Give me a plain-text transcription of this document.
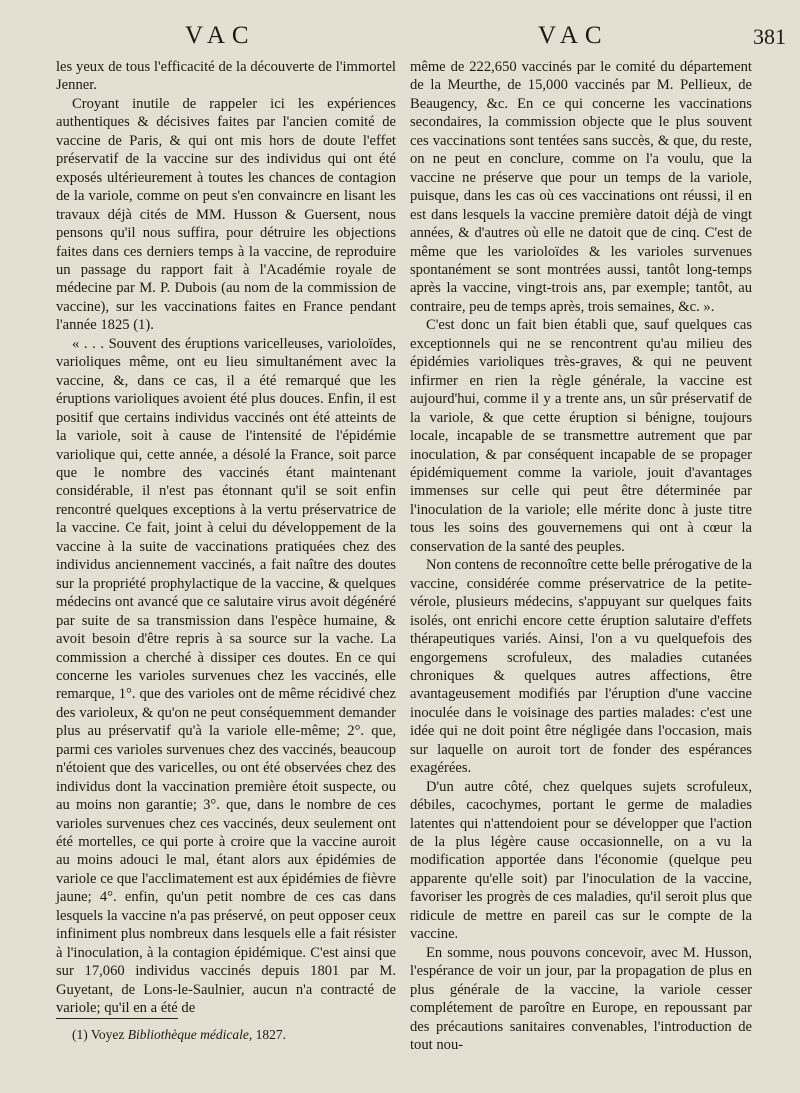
VAC	VAC	381

les yeux de tous l'efficacité de la découverte de l'immortel Jenner.

Croyant inutile de rappeler ici les expériences authentiques & décisives faites par l'ancien comité de vaccine de Paris, & qui ont mis hors de doute l'effet préservatif de la vaccine sur des individus qui ont été exposés ultérieurement à toutes les chances de contagion de la variole, comme on peut s'en convaincre en lisant les travaux déjà cités de MM. Husson & Guersent, nous pensons qu'il nous suffira, pour détruire les objections faites dans ces derniers temps à la vaccine, de reproduire un passage du rapport fait à l'Académie royale de médecine par M. P. Dubois (au nom de la commission de vaccine), sur les vaccinations faites en France pendant l'année 1825 (1).

« . . . Souvent des éruptions varicelleuses, varioloïdes, varioliques même, ont eu lieu simultanément avec la vaccine, &, dans ce cas, il a été remarqué que les éruptions varioliques avoient été plus douces. Enfin, il est positif que certains individus vaccinés ont été atteints de la variole, soit à cause de l'intensité de l'épidémie variolique qui, cette année, a désolé la France, soit parce que le nombre des vaccinés étant maintenant considérable, il n'est pas étonnant qu'il se soit enfin rencontré quelques exceptions à la vertu préservatrice de la vaccine. Ce fait, joint à celui du développement de la vaccine à la suite de vaccinations pratiquées chez des individus anciennement vaccinés, a fait naître des doutes sur la propriété prophylactique de la vaccine, & quelques médecins ont avancé que ce salutaire virus avoit dégénéré par suite de sa transmission dans l'espèce humaine, & avoit besoin d'être repris à sa source sur la vache. La commission a cherché à dissiper ces doutes. En ce qui concerne les varioles survenues chez les vaccinés, elle remarque, 1°. que des varioles ont de même récidivé chez des varioleux, & qu'on ne peut conséquemment demander plus au préservatif qu'à la variole elle-même; 2°. que, parmi ces varioles survenues chez des vaccinés, beaucoup n'étoient que des varicelles, ou ont été observées chez des individus dont la vaccination première étoit suspecte, ou au moins non garantie; 3°. que, dans le nombre de ces varioles survenues chez ces vaccinés, deux seulement ont été mortelles, ce qui porte à croire que la vaccine auroit au moins adouci le mal, étant alors aux épidémies de variole ce que l'acclimatement est aux épidémies de fièvre jaune; 4°. enfin, qu'un petit nombre de ces cas dans lesquels la vaccine n'a pas préservé, on peut opposer ceux infiniment plus nombreux dans lesquels elle a fait résister à l'inoculation, à la contagion épidémique. C'est ainsi que sur 17,060 individus vaccinés depuis 1801 par M. Guyetant, de Lons-le-Saulnier, aucun n'a contracté de variole; qu'il en a été de

même de 222,650 vaccinés par le comité du département de la Meurthe, de 15,000 vaccinés par M. Pellieux, de Beaugency, &c. En ce qui concerne les vaccinations secondaires, la commission objecte que le plus souvent ces vaccinations sont tentées sans succès, & que, du reste, on ne peut en conclure, comme on l'a voulu, que la vaccine ne préserve que pour un temps de la variole, puisque, dans les cas où ces vaccinations ont réussi, il en est dans lesquels la vaccine première datoit déjà de vingt années, & d'autres où elle ne datoit que de cinq. C'est de même que les varioloïdes & les varioles survenues spontanément se sont montrées aussi, tantôt long-temps après la vaccine, vingt-trois ans, par exemple; tantôt, au contraire, peu de temps après, trois semaines, &c. ».

C'est donc un fait bien établi que, sauf quelques cas exceptionnels qui ne se rencontrent qu'au milieu des épidémies varioliques très-graves, & qui ne peuvent infirmer en rien la règle générale, la vaccine est aujourd'hui, comme il y a trente ans, un sûr préservatif de la variole, & que cette éruption si bénigne, toujours locale, incapable de se transmettre autrement que par inoculation, & par conséquent incapable de se propager épidémiquement comme la variole, jouit d'avantages immenses sur celle qui peut être déterminée par l'inoculation de la variole; elle mérite donc à juste titre tous les soins des gouvernemens qui ont à cœur la conservation de la santé des peuples.

Non contens de reconnoître cette belle prérogative de la vaccine, considérée comme préservatrice de la petite-vérole, plusieurs médecins, s'appuyant sur quelques faits isolés, ont enrichi encore cette éruption salutaire d'effets thérapeutiques variés. Ainsi, l'on a vu quelquefois des engorgemens scrofuleux, des maladies cutanées chroniques & quelques autres affections, être avantageusement modifiés par l'éruption d'une vaccine inoculée dans le voisinage des parties malades: c'est une idée qui ne doit point être négligée dans l'occasion, mais sur laquelle on auroit tort de fonder des espérances exagérées.

D'un autre côté, chez quelques sujets scrofuleux, débiles, cacochymes, portant le germe de maladies latentes qui n'attendoient pour se développer que l'action de la plus légère cause occasionnelle, on a vu la modification apportée dans l'économie (quelque peu apparente qu'elle soit) par l'inoculation de la vaccine, favoriser les progrès de ces maladies, qu'il seroit plus que ridicule de mettre en pareil cas sur le compte de la vaccine.

En somme, nous pouvons concevoir, avec M. Husson, l'espérance de voir un jour, par la propagation de plus en plus générale de la vaccine, la variole cesser complétement de paroître en Europe, en repoussant par des précautions sanitaires convenables, l'introduction de tout nou-

(1) Voyez Bibliothèque médicale, 1827.
